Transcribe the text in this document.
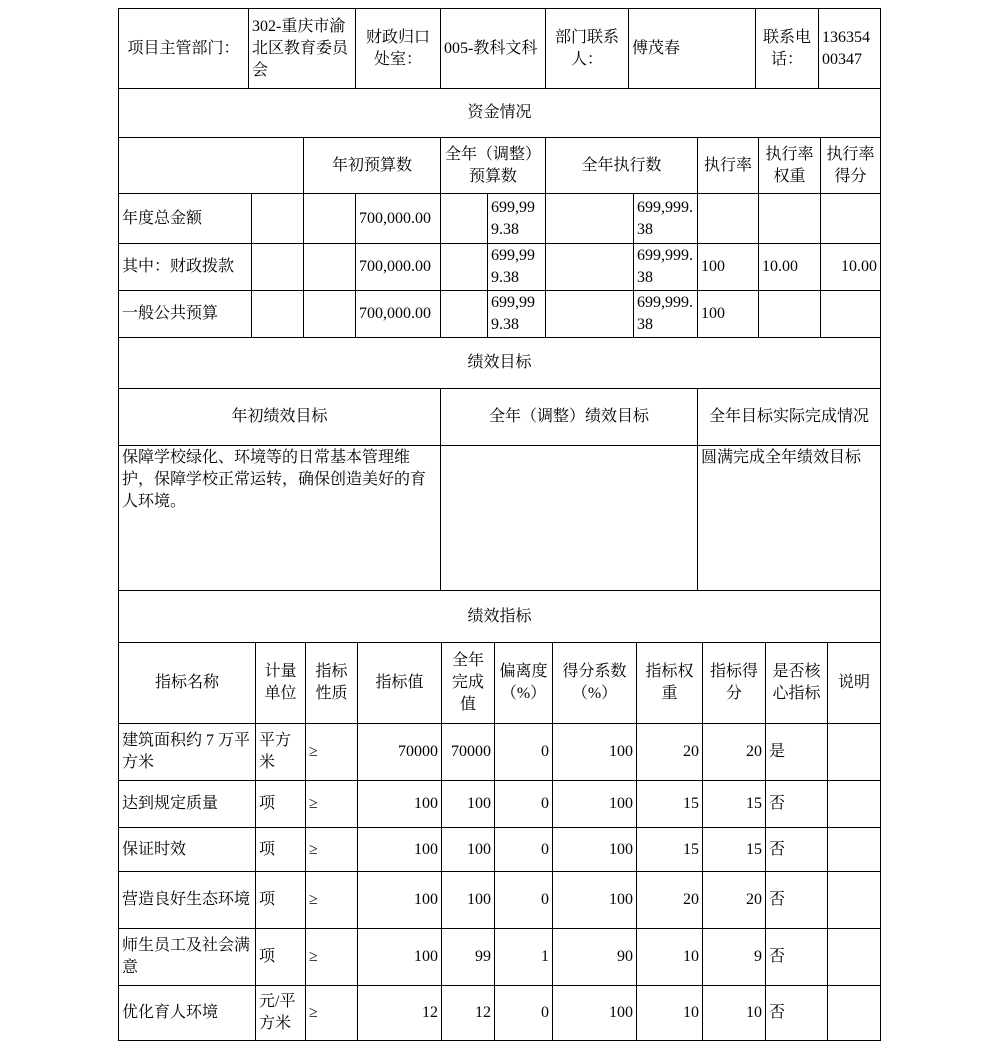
项目主管部门：	302-重庆市渝北区教育委员会	财政归口处室：	005-教科文科	部门联系人：	傅茂春	联系电话：	13635400347
资金情况										
		年初预算数		全年（调整）预算数		全年执行数		执行率	执行率权重	执行率得分
年度总金额			700,000.00		699,999.38		699,999.38			
其中：财政拨款			700,000.00		699,999.38		699,999.38	100	10.00	10.00
一般公共预算			700,000.00		699,999.38		699,999.38	100		
绩效目标		
年初绩效目标	全年（调整）绩效目标	全年目标实际完成情况
保障学校绿化、环境等的日常基本管理维护，保障学校正常运转，确保创造美好的育人环境。		圆满完成全年绩效目标
绩效指标										
指标名称	计量单位	指标性质	指标值	全年完成值	偏离度（%）	得分系数（%）	指标权重	指标得分	是否核心指标	说明
建筑面积约 7 万平方米	平方米	≥	70000	70000	0	100	20	20	是	
达到规定质量	项	≥	100	100	0	100	15	15	否	
保证时效	项	≥	100	100	0	100	15	15	否	
营造良好生态环境	项	≥	100	100	0	100	20	20	否	
师生员工及社会满意	项	≥	100	99	1	90	10	9	否	
优化育人环境	元/平方米	≥	12	12	0	100	10	10	否	
